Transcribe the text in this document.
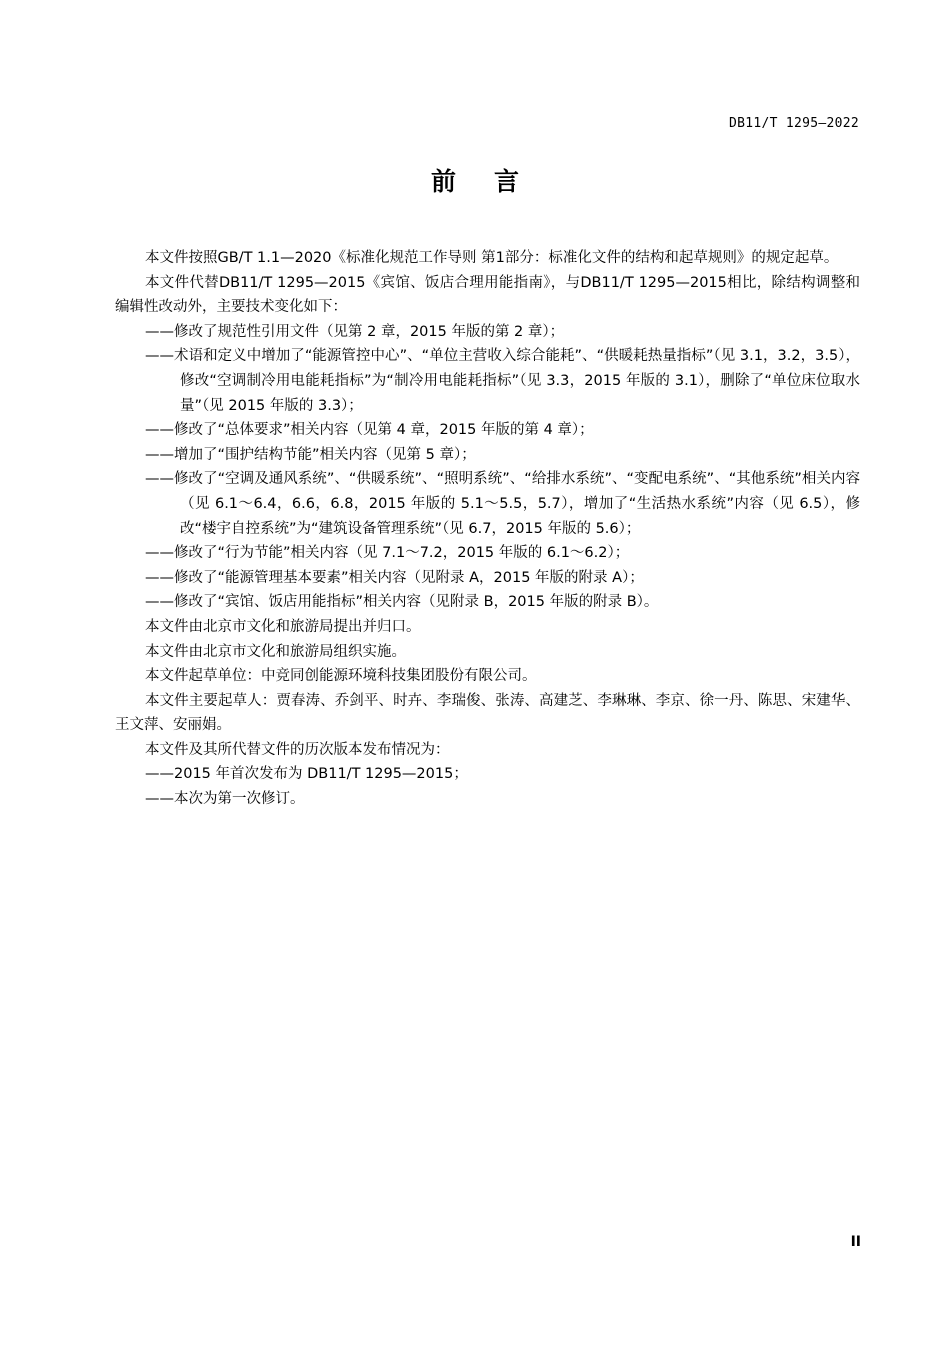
DB11/T 1295—2022
前言

本文件按照GB/T 1.1—2020《标准化规范工作导则 第1部分：标准化文件的结构和起草规则》的规定起草。

本文件代替DB11/T 1295—2015《宾馆、饭店合理用能指南》，与DB11/T 1295—2015相比，除结构调整和编辑性改动外，主要技术变化如下：

——修改了规范性引用文件（见第 2 章，2015 年版的第 2 章）；

——术语和定义中增加了“能源管控中心”、“单位主营收入综合能耗”、“供暖耗热量指标”（见 3.1，3.2，3.5），修改“空调制冷用电能耗指标”为“制冷用电能耗指标”（见 3.3，2015 年版的 3.1），删除了“单位床位取水量”（见 2015 年版的 3.3）；

——修改了“总体要求”相关内容（见第 4 章，2015 年版的第 4 章）；

——增加了“围护结构节能”相关内容（见第 5 章）；

——修改了“空调及通风系统”、“供暖系统”、“照明系统”、“给排水系统”、“变配电系统”、“其他系统”相关内容（见 6.1～6.4，6.6，6.8，2015 年版的 5.1～5.5，5.7），增加了“生活热水系统”内容（见 6.5），修改“楼宇自控系统”为“建筑设备管理系统”（见 6.7，2015 年版的 5.6）；

——修改了“行为节能”相关内容（见 7.1～7.2，2015 年版的 6.1～6.2）；

——修改了“能源管理基本要素”相关内容（见附录 A，2015 年版的附录 A）；

——修改了“宾馆、饭店用能指标”相关内容（见附录 B，2015 年版的附录 B）。

本文件由北京市文化和旅游局提出并归口。

本文件由北京市文化和旅游局组织实施。

本文件起草单位：中竞同创能源环境科技集团股份有限公司。

本文件主要起草人：贾春涛、乔剑平、时卉、李瑞俊、张涛、高建芝、李琳琳、李京、徐一丹、陈思、宋建华、王文萍、安丽娟。

本文件及其所代替文件的历次版本发布情况为：

——2015 年首次发布为 DB11/T 1295—2015；

——本次为第一次修订。

II
